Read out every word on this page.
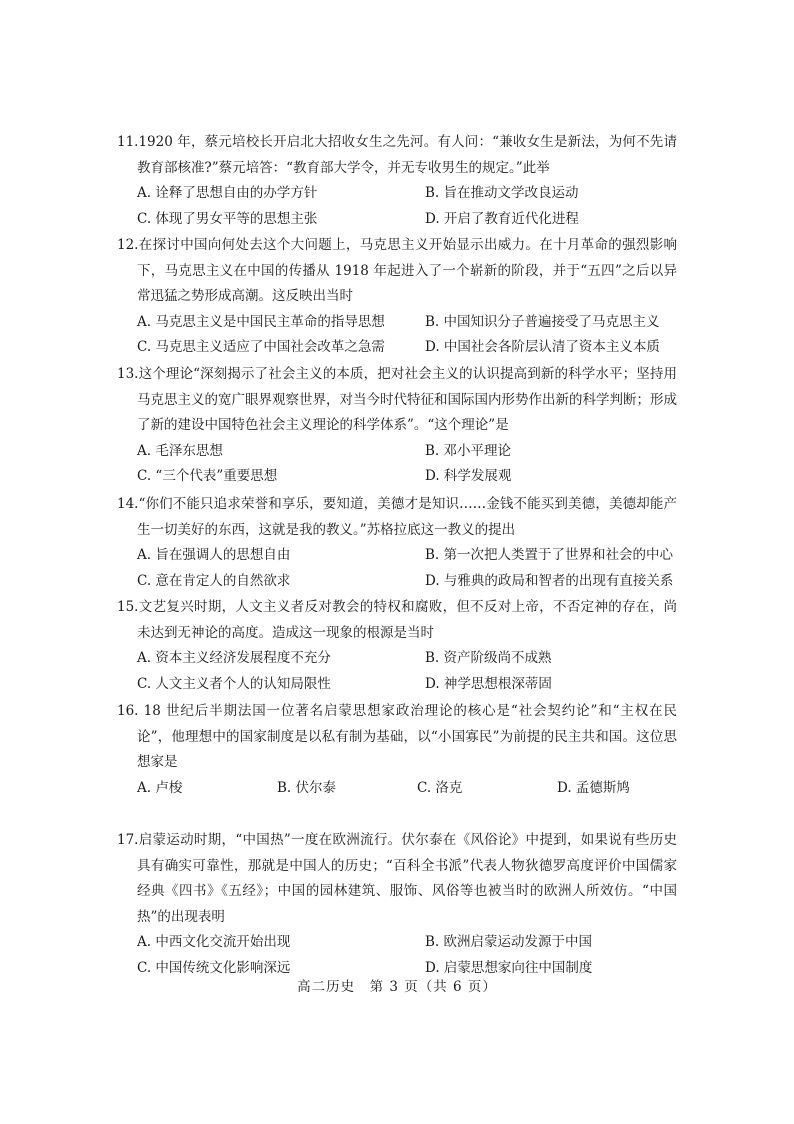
11.1920 年，蔡元培校长开启北大招收女生之先河。有人问：“兼收女生是新法，为何不先请教育部核准?”蔡元培答：“教育部大学令，并无专收男生的规定。”此举

A. 诠释了思想自由的办学方针	B. 旨在推动文学改良运动
C. 体现了男女平等的思想主张	D. 开启了教育近代化进程

12.在探讨中国向何处去这个大问题上，马克思主义开始显示出威力。在十月革命的强烈影响下，马克思主义在中国的传播从 1918 年起进入了一个崭新的阶段，并于“五四”之后以异常迅猛之势形成高潮。这反映出当时

A. 马克思主义是中国民主革命的指导思想	B. 中国知识分子普遍接受了马克思主义
C. 马克思主义适应了中国社会改革之急需	D. 中国社会各阶层认清了资本主义本质

13.这个理论“深刻揭示了社会主义的本质，把对社会主义的认识提高到新的科学水平；坚持用马克思主义的宽广眼界观察世界，对当今时代特征和国际国内形势作出新的科学判断；形成了新的建设中国特色社会主义理论的科学体系”。“这个理论”是

A. 毛泽东思想	B. 邓小平理论
C. “三个代表”重要思想	D. 科学发展观

14.“你们不能只追求荣誉和享乐，要知道，美德才是知识……金钱不能买到美德，美德却能产生一切美好的东西，这就是我的教义。”苏格拉底这一教义的提出

A. 旨在强调人的思想自由	B. 第一次把人类置于了世界和社会的中心
C. 意在肯定人的自然欲求	D. 与雅典的政局和智者的出现有直接关系

15.文艺复兴时期，人文主义者反对教会的特权和腐败，但不反对上帝，不否定神的存在，尚未达到无神论的高度。造成这一现象的根源是当时

A. 资本主义经济发展程度不充分	B. 资产阶级尚不成熟
C. 人文主义者个人的认知局限性	D. 神学思想根深蒂固

16. 18 世纪后半期法国一位著名启蒙思想家政治理论的核心是“社会契约论”和“主权在民论”，他理想中的国家制度是以私有制为基础，以“小国寡民”为前提的民主共和国。这位思想家是

A. 卢梭	B. 伏尔泰	C. 洛克	D. 孟德斯鸠

17.启蒙运动时期，“中国热”一度在欧洲流行。伏尔泰在《风俗论》中提到，如果说有些历史具有确实可靠性，那就是中国人的历史；“百科全书派”代表人物狄德罗高度评价中国儒家经典《四书》《五经》；中国的园林建筑、服饰、风俗等也被当时的欧洲人所效仿。“中国热”的出现表明

A. 中西文化交流开始出现	B. 欧洲启蒙运动发源于中国
C. 中国传统文化影响深远	D. 启蒙思想家向往中国制度
高二历史　第 3 页（共 6 页）
